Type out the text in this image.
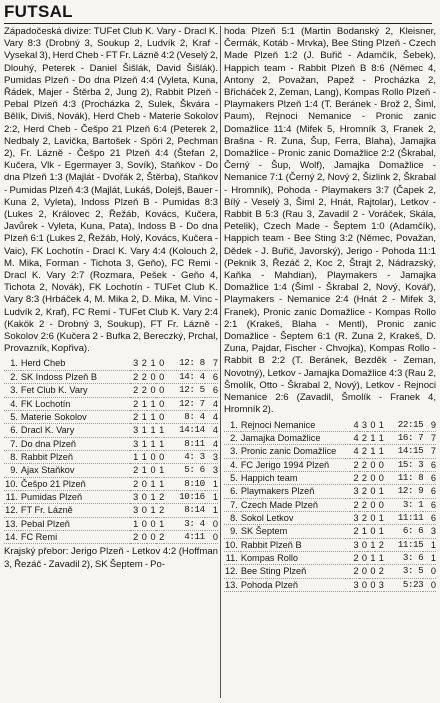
FUTSAL

Západočeská divize: TUFet Club K. Vary - Dracl K. Vary 8:3 (Drobný 3, Soukup 2, Ludvík 2, Kraf - Vysekal 3), Herd Cheb - FT Fr. Lázně 4:2 (Veselý 2, Dlouhý, Peterek - Daniel Šišlák, David Šišlák). Pumidas Plzeň - Do dna Plzeň 4:4 (Vyleta, Kuna, Řádek, Majer - Štěrba 2, Jung 2), Rabbit Plzeň - Pebal Plzeň 4:3 (Procházka 2, Sulek, Škvára - Bělík, Diviš, Novák), Herd Cheb - Materie Sokolov 2:2, Herd Cheb - Češpo 21 Plzeň 6:4 (Peterek 2, Nedbaly 2, Lavička, Bartošek - Spöri 2, Pechman 2), Fr. Lázně - Češpo 21 Plzeň 4:4 (Štefan 2, Kučera, Vlk - Egermayer 3, Sovík), Staňkov - Do dna Plzeň 1:3 (Majlát - Dvořák 2, Štěrba), Staňkov - Pumidas Plzeň 4:3 (Majlát, Lukáš, Dolejš, Bauer - Kuna 2, Vyleta), Indoss Plzeň B - Pumidas 8:3 (Lukes 2, Královec 2, Řežáb, Kovács, Kučera, Javůrek - Vyleta, Kuna, Pata), Indoss B - Do dna Plzeň 6:1 (Lukes 2, Řežáb, Holý, Kovács, Kučera - Vaic), FK Lochotín - Dracl K. Vary 4:4 (Kolouch 2, M. Mika, Forman - Tichota 3, Geňo), FC Remi - Dracl K. Vary 2:7 (Rozmara, Pešek - Geňo 4, Tichota 2, Novák), FK Lochotín - TUFet Club K. Vary 8:3 (Hrbáček 4, M. Mika 2, D. Mika, M. Vinc - Ludvík 2, Kraf), FC Remi - TUFet Club K. Vary 2:4 (Kakök 2 - Drobný 3, Soukup), FT Fr. Lázně - Sokolov 2:6 (Kučera 2 - Bufka 2, Bereczký, Prchal, Provazník, Kopřiva).

1.	Herd Cheb	3	2	1	0	12: 8	7
2.	SK Indoss Plzeň B	2	2	0	0	14: 4	6
3.	Fet Club K. Vary	2	2	0	0	12: 5	6
4.	FK Lochotín	2	1	1	0	12: 7	4
5.	Materie Sokolov	2	1	1	0	8: 4	4
6.	Dracl K. Vary	3	1	1	1	14:14	4
7.	Do dna Plzeň	3	1	1	1	8:11	4
8.	Rabbit Plzeň	1	1	0	0	4: 3	3
9.	Ajax Staňkov	2	1	0	1	5: 6	3
10.	Češpo 21 Plzeň	2	0	1	1	8:10	1
11.	Pumidas Plzeň	3	0	1	2	10:16	1
12.	FT Fr. Lázně	3	0	1	2	8:14	1
13.	Pebal Plzeň	1	0	0	1	3: 4	0
14.	FC Remi	2	0	0	2	4:11	0

Krajský přebor: Jerigo Plzeň - Letkov 4:2 (Hoffman 3, Řezáč - Zavadil 2), SK Šeptem - Po-

hoda Plzeň 5:1 (Martin Bodanský 2, Kleisner, Čermák, Kotáb - Mrvka), Bee Sting Plzeň - Czech Made Plzeň 1:2 (J. Buřič - Adamčík, Šebek), Happich team - Rabbit Plzeň B 8:6 (Němec 4, Antony 2, Považan, Papež - Procházka 2, Břicháček 2, Zeman, Lang), Kompas Rollo Plzeň - Playmakers Plzeň 1:4 (T. Beránek - Brož 2, Šiml, Paum), Rejnoci Nemanice - Pronic zanic Domažlice 11:4 (Mifek 5, Hromník 3, Franek 2, Brašna - R. Zuna, Šup, Ferra, Blaha), Jamajka Domažlice - Pronic zanic Domažlice 2:2 (Škrabal, Černý - Šup, Wolf), Jamajka Domažlice - Nemanice 7:1 (Černý 2, Nový 2, Šizlink 2, Škrabal - Hromník), Pohoda - Playmakers 3:7 (Čapek 2, Bílý - Veselý 3, Šiml 2, Hnát, Rajtolar), Letkov - Rabbit B 5:3 (Rau 3, Zavadil 2 - Voráček, Skála, Petelik), Czech Made - Šeptem 1:0 (Adamčík), Happich team - Bee Sting 3:2 (Němec, Považan, Dědek - J. Buřič, Javorský), Jerigo - Pohoda 11:1 (Peknik 3, Řezáč 2, Koc 2, Štrajt 2, Nádrazský, Kaňka - Mahdian), Playmakers - Jamajka Domažlice 1:4 (Šiml - Škrabal 2, Nový, Kovář), Playmakers - Nemanice 2:4 (Hnát 2 - Mifek 3, Franek), Pronic zanic Domažlice - Kompas Rollo 2:1 (Krakeš, Blaha - Mentl), Pronic zanic Domažlice - Šeptem 6:1 (R. Zuna 2, Krakeš, D. Zuna, Pajdar, Fischer - Chvojka), Kompas Rollo - Rabbit B 2:2 (T. Beránek, Bezděk - Zeman, Novotný), Letkov - Jamajka Domažlice 4:3 (Rau 2, Šmolík, Otto - Škrabal 2, Nový), Letkov - Rejnoci Nemanice 2:6 (Zavadil, Šmolík - Franek 4, Hromník 2).

1.	Rejnoci Nemanice	4	3	0	1	22:15	9
2.	Jamajka Domažlice	4	2	1	1	16: 7	7
3.	Pronic zanic Domažlice	4	2	1	1	14:15	7
4.	FC Jerigo 1994 Plzeň	2	2	0	0	15: 3	6
5.	Happich team	2	2	0	0	11: 8	6
6.	Playmakers Plzeň	3	2	0	1	12: 9	6
7.	Czech Made Plzeň	2	2	0	0	3: 1	6
8.	Sokol Letkov	3	2	0	1	11:11	6
9.	SK Šeptem	2	1	0	1	6: 6	3
10.	Rabbit Plzeň B	3	0	1	2	11:15	1
11.	Kompas Rollo	2	0	1	1	3: 6	1
12.	Bee Sting Plzeň	2	0	0	2	3: 5	0
13.	Pohoda Plzeň	3	0	0	3	5:23	0
